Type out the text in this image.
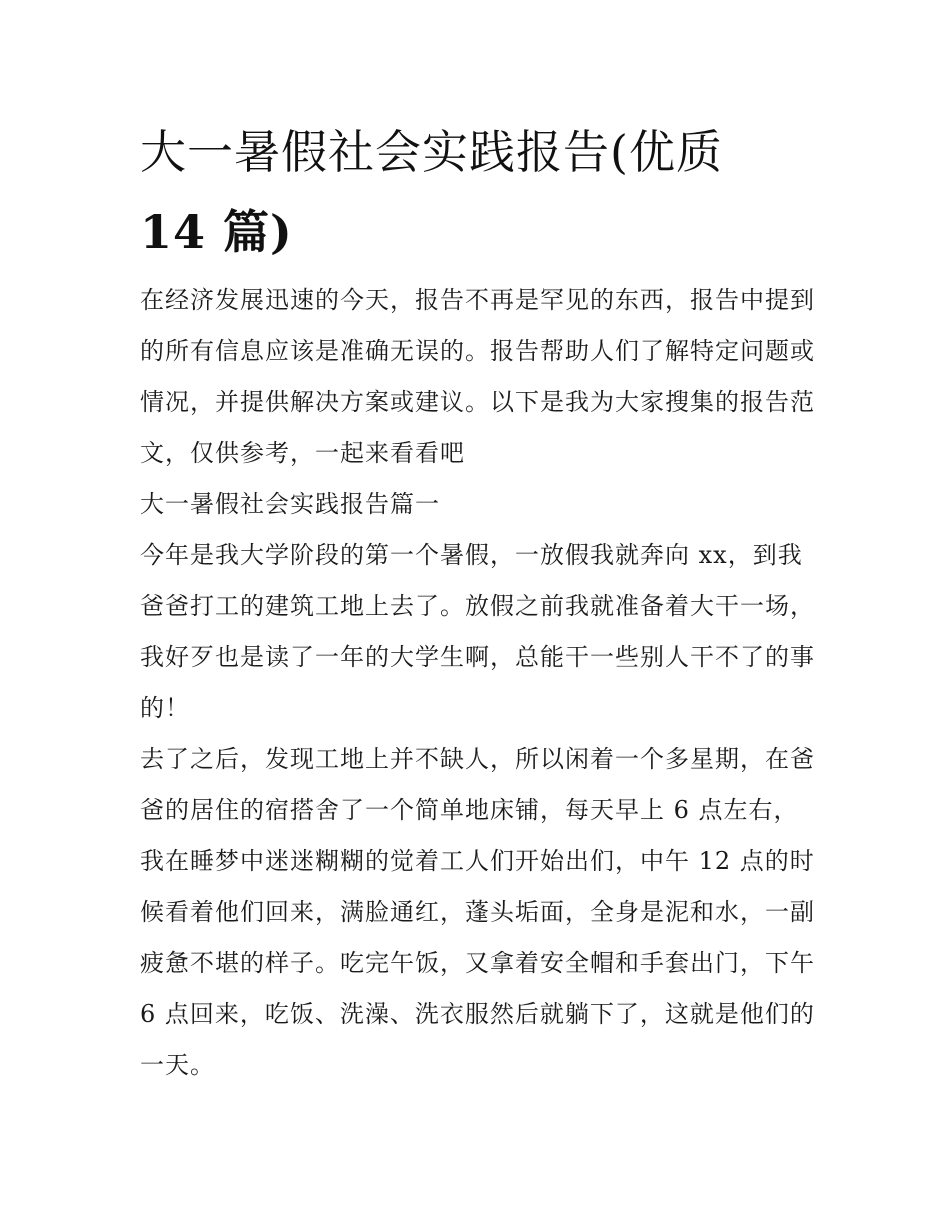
大一暑假社会实践报告(优质
14 篇)

在经济发展迅速的今天，报告不再是罕见的东西，报告中提到的所有信息应该是准确无误的。报告帮助人们了解特定问题或情况，并提供解决方案或建议。以下是我为大家搜集的报告范文，仅供参考，一起来看看吧

大一暑假社会实践报告篇一

今年是我大学阶段的第一个暑假，一放假我就奔向 xx，到我爸爸打工的建筑工地上去了。放假之前我就准备着大干一场，我好歹也是读了一年的大学生啊，总能干一些别人干不了的事的！

去了之后，发现工地上并不缺人，所以闲着一个多星期，在爸爸的居住的宿搭舍了一个简单地床铺，每天早上 6 点左右，我在睡梦中迷迷糊糊的觉着工人们开始出们，中午 12 点的时候看着他们回来，满脸通红，蓬头垢面，全身是泥和水，一副疲惫不堪的样子。吃完午饭，又拿着安全帽和手套出门，下午 6 点回来，吃饭、洗澡、洗衣服然后就躺下了，这就是他们的一天。
